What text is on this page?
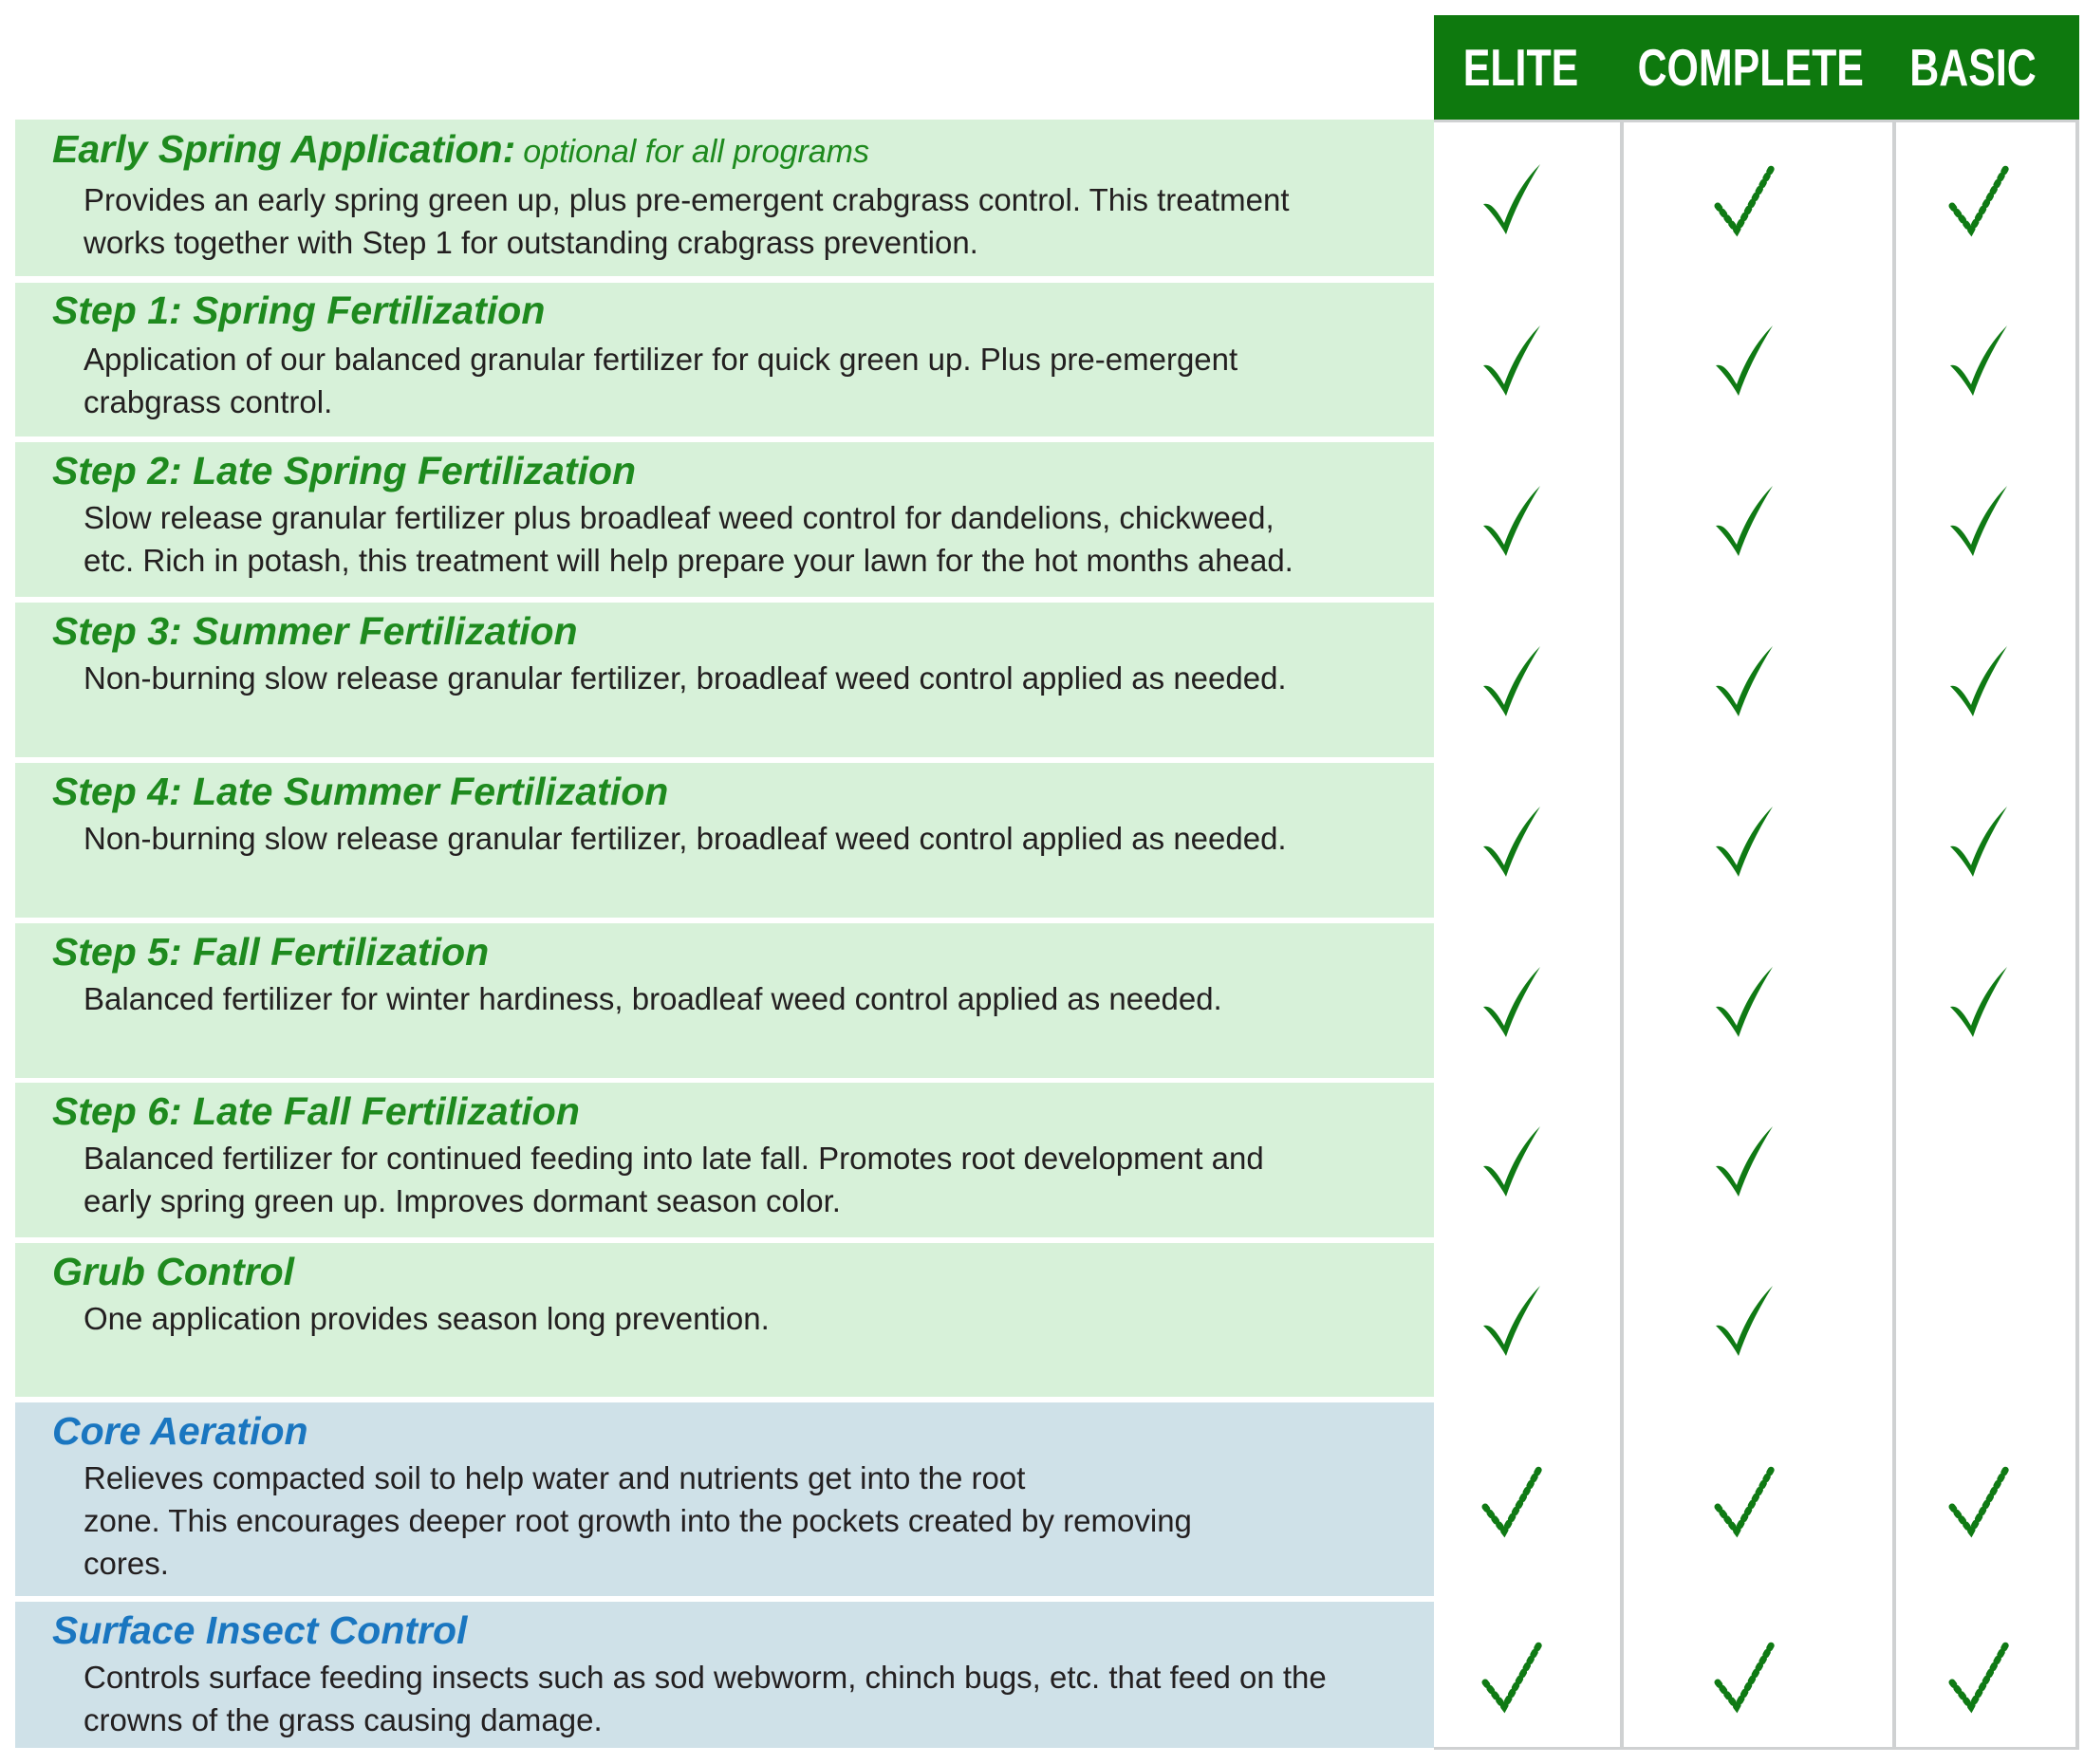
ELITE COMPLETE BASIC
Early Spring Application: optional for all programs
Provides an early spring green up, plus pre-emergent crabgrass control. This treatment
works together with Step 1 for outstanding crabgrass prevention.
Step 1: Spring Fertilization
Application of our balanced granular fertilizer for quick green up. Plus pre-emergent
crabgrass control.
Step 2: Late Spring Fertilization
Slow release granular fertilizer plus broadleaf weed control for dandelions, chickweed,
etc. Rich in potash, this treatment will help prepare your lawn for the hot months ahead.
Step 3: Summer Fertilization
Non-burning slow release granular fertilizer, broadleaf weed control applied as needed.
Step 4: Late Summer Fertilization
Non-burning slow release granular fertilizer, broadleaf weed control applied as needed.
Step 5: Fall Fertilization
Balanced fertilizer for winter hardiness, broadleaf weed control applied as needed.
Step 6: Late Fall Fertilization
Balanced fertilizer for continued feeding into late fall. Promotes root development and
early spring green up. Improves dormant season color.
Grub Control
One application provides season long prevention.
Core Aeration
Relieves compacted soil to help water and nutrients get into the root
zone. This encourages deeper root growth into the pockets created by removing
cores.
Surface Insect Control
Controls surface feeding insects such as sod webworm, chinch bugs, etc. that feed on the
crowns of the grass causing damage.
